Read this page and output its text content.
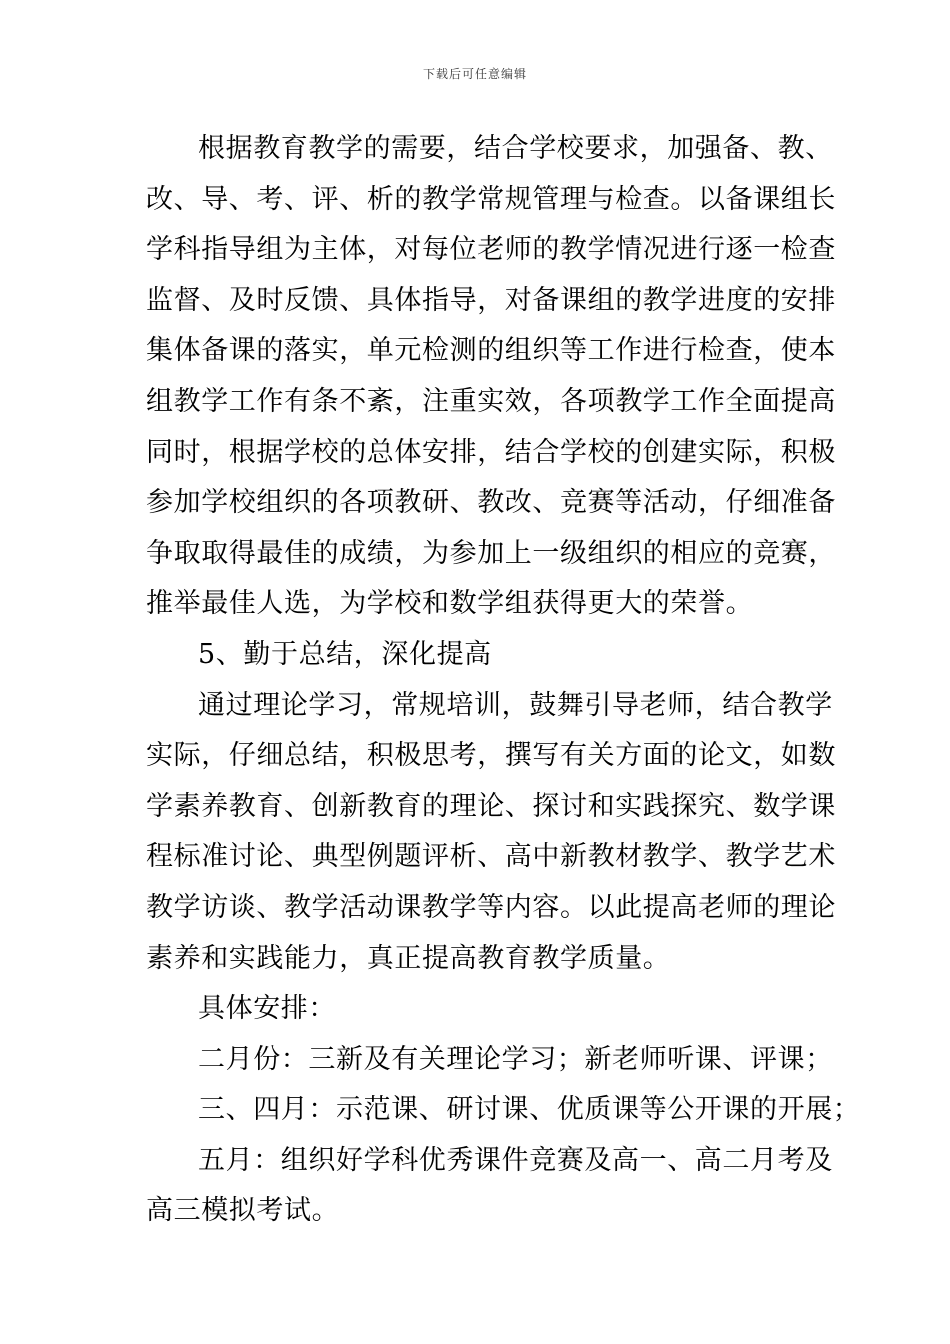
下载后可任意编辑
根据教育教学的需要，结合学校要求，加强备、教、
改、导、考、评、析的教学常规管理与检查。以备课组长
学科指导组为主体，对每位老师的教学情况进行逐一检查
监督、及时反馈、具体指导，对备课组的教学进度的安排
集体备课的落实，单元检测的组织等工作进行检查，使本
组教学工作有条不紊，注重实效，各项教学工作全面提高
同时，根据学校的总体安排，结合学校的创建实际，积极
参加学校组织的各项教研、教改、竞赛等活动，仔细准备
争取取得最佳的成绩，为参加上一级组织的相应的竞赛，
推举最佳人选，为学校和数学组获得更大的荣誉。
5、勤于总结，深化提高
通过理论学习，常规培训，鼓舞引导老师，结合教学
实际，仔细总结，积极思考，撰写有关方面的论文，如数
学素养教育、创新教育的理论、探讨和实践探究、数学课
程标准讨论、典型例题评析、高中新教材教学、教学艺术
教学访谈、教学活动课教学等内容。以此提高老师的理论
素养和实践能力，真正提高教育教学质量。
具体安排：
二月份：三新及有关理论学习；新老师听课、评课；
三、四月：示范课、研讨课、优质课等公开课的开展；
五月：组织好学科优秀课件竞赛及高一、高二月考及
高三模拟考试。
